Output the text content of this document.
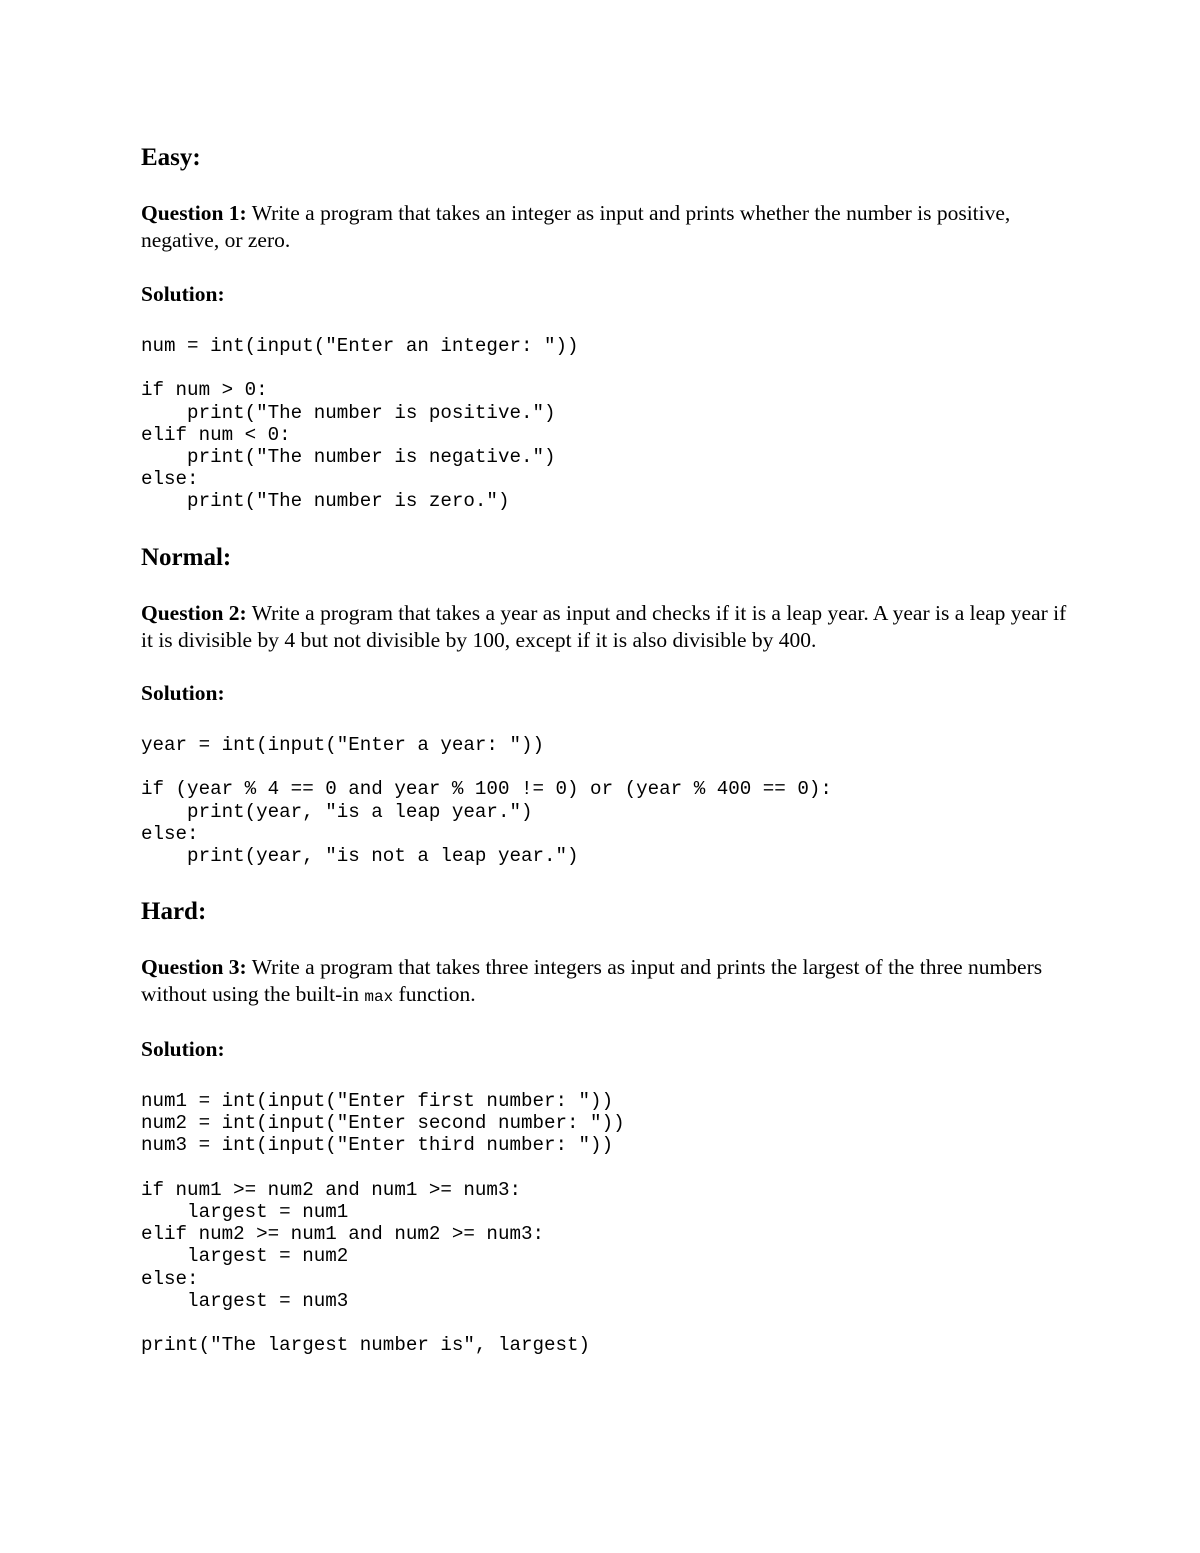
Easy:

Question 1: Write a program that takes an integer as input and prints whether the number is positive, negative, or zero.

Solution:
num = int(input("Enter an integer: "))

if num > 0:
print("The number is positive.")
elif num < 0:
print("The number is negative.")
else:
print("The number is zero.")
Normal:

Question 2: Write a program that takes a year as input and checks if it is a leap year. A year is a leap year if it is divisible by 4 but not divisible by 100, except if it is also divisible by 400.

Solution:
year = int(input("Enter a year: "))

if (year % 4 == 0 and year % 100 != 0) or (year % 400 == 0):
print(year, "is a leap year.")
else:
print(year, "is not a leap year.")
Hard:

Question 3: Write a program that takes three integers as input and prints the largest of the three numbers without using the built-in max function.

Solution:
num1 = int(input("Enter first number: "))
num2 = int(input("Enter second number: "))
num3 = int(input("Enter third number: "))

if num1 >= num2 and num1 >= num3:
largest = num1
elif num2 >= num1 and num2 >= num3:
largest = num2
else:
largest = num3

print("The largest number is", largest)
